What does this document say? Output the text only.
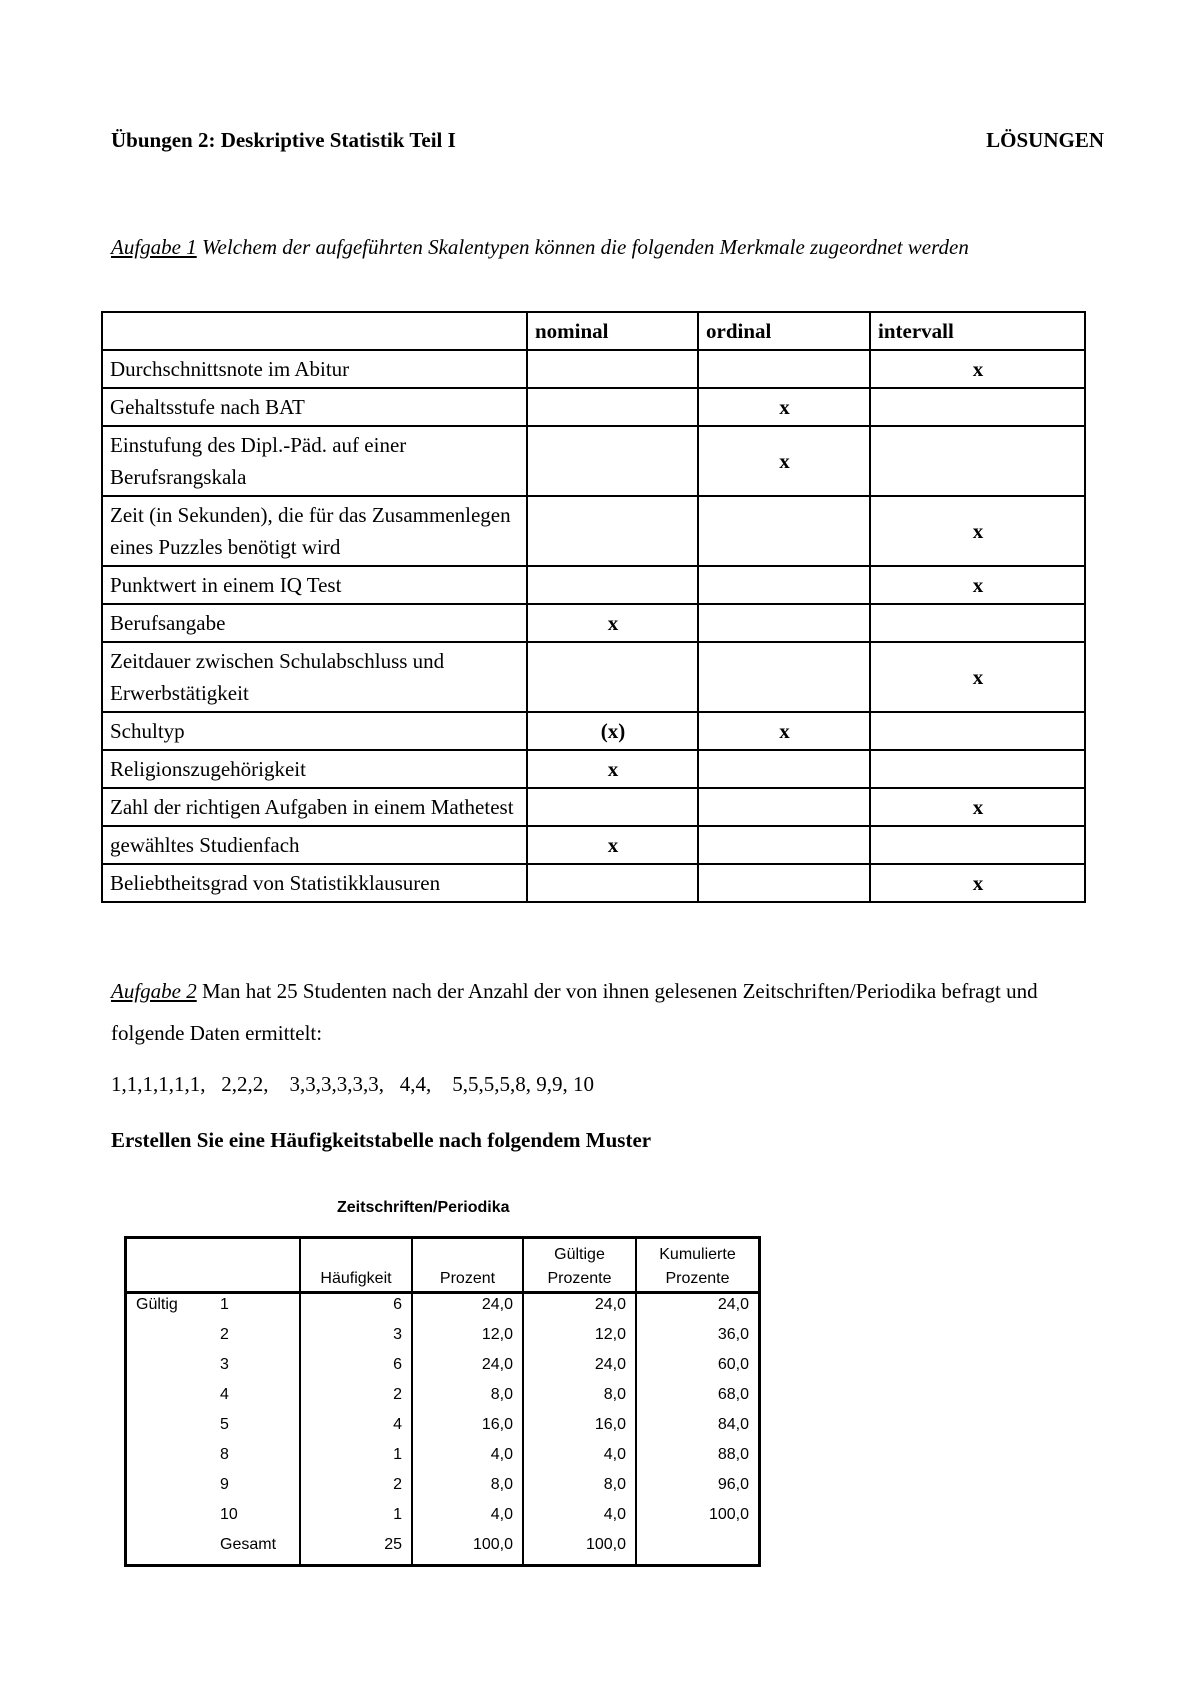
Übungen 2: Deskriptive Statistik Teil I	LÖSUNGEN
Aufgabe 1 Welchem der aufgeführten Skalentypen können die folgenden Merkmale zugeordnet werden
	nominal	ordinal	intervall
Durchschnittsnote im Abitur			x
Gehaltsstufe nach BAT		x	
Einstufung des Dipl.-Päd. auf einer Berufsrangskala		x	
Zeit (in Sekunden), die für das Zusammenlegen eines Puzzles benötigt wird			x
Punktwert in einem IQ Test			x
Berufsangabe	x		
Zeitdauer zwischen Schulabschluss und Erwerbstätigkeit			x
Schultyp	(x)	x	
Religionszugehörigkeit	x		
Zahl der richtigen Aufgaben in einem Mathetest			x
gewähltes Studienfach	x		
Beliebtheitsgrad von Statistikklausuren			x
Aufgabe 2 Man hat 25 Studenten nach der Anzahl der von ihnen gelesenen Zeitschriften/Periodika befragt und folgende Daten ermittelt:
1,1,1,1,1,1,   2,2,2,    3,3,3,3,3,3,   4,4,    5,5,5,5,8, 9,9, 10
Erstellen Sie eine Häufigkeitstabelle nach folgendem Muster
Zeitschriften/Periodika
		Häufigkeit	Prozent	Gültige Prozente	Kumulierte Prozente
Gültig	1	6	24,0	24,0	24,0
	2	3	12,0	12,0	36,0
	3	6	24,0	24,0	60,0
	4	2	8,0	8,0	68,0
	5	4	16,0	16,0	84,0
	8	1	4,0	4,0	88,0
	9	2	8,0	8,0	96,0
	10	1	4,0	4,0	100,0
	Gesamt	25	100,0	100,0	
